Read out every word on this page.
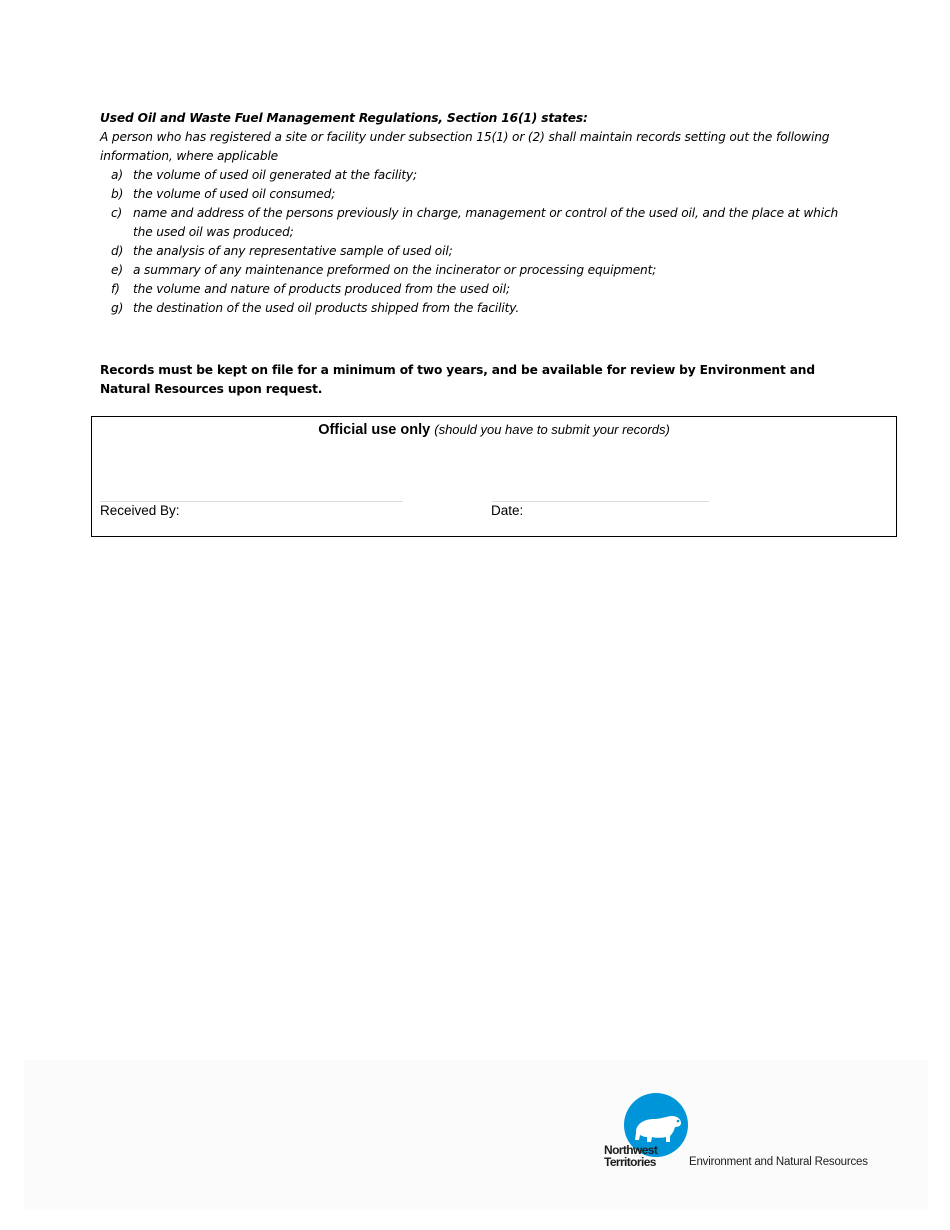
Used Oil and Waste Fuel Management Regulations, Section 16(1) states:
A person who has registered a site or facility under subsection 15(1) or (2) shall maintain records setting out the following information, where applicable
a) the volume of used oil generated at the facility;
b) the volume of used oil consumed;
c) name and address of the persons previously in charge, management or control of the used oil, and the place at which the used oil was produced;
d) the analysis of any representative sample of used oil;
e) a summary of any maintenance preformed on the incinerator or processing equipment;
f) the volume and nature of products produced from the used oil;
g) the destination of the used oil products shipped from the facility.
Records must be kept on file for a minimum of two years, and be available for review by Environment and Natural Resources upon request.
Official use only (should you have to submit your records)
Received By:	Date:
Northwest
Territories	Environment and Natural Resources
